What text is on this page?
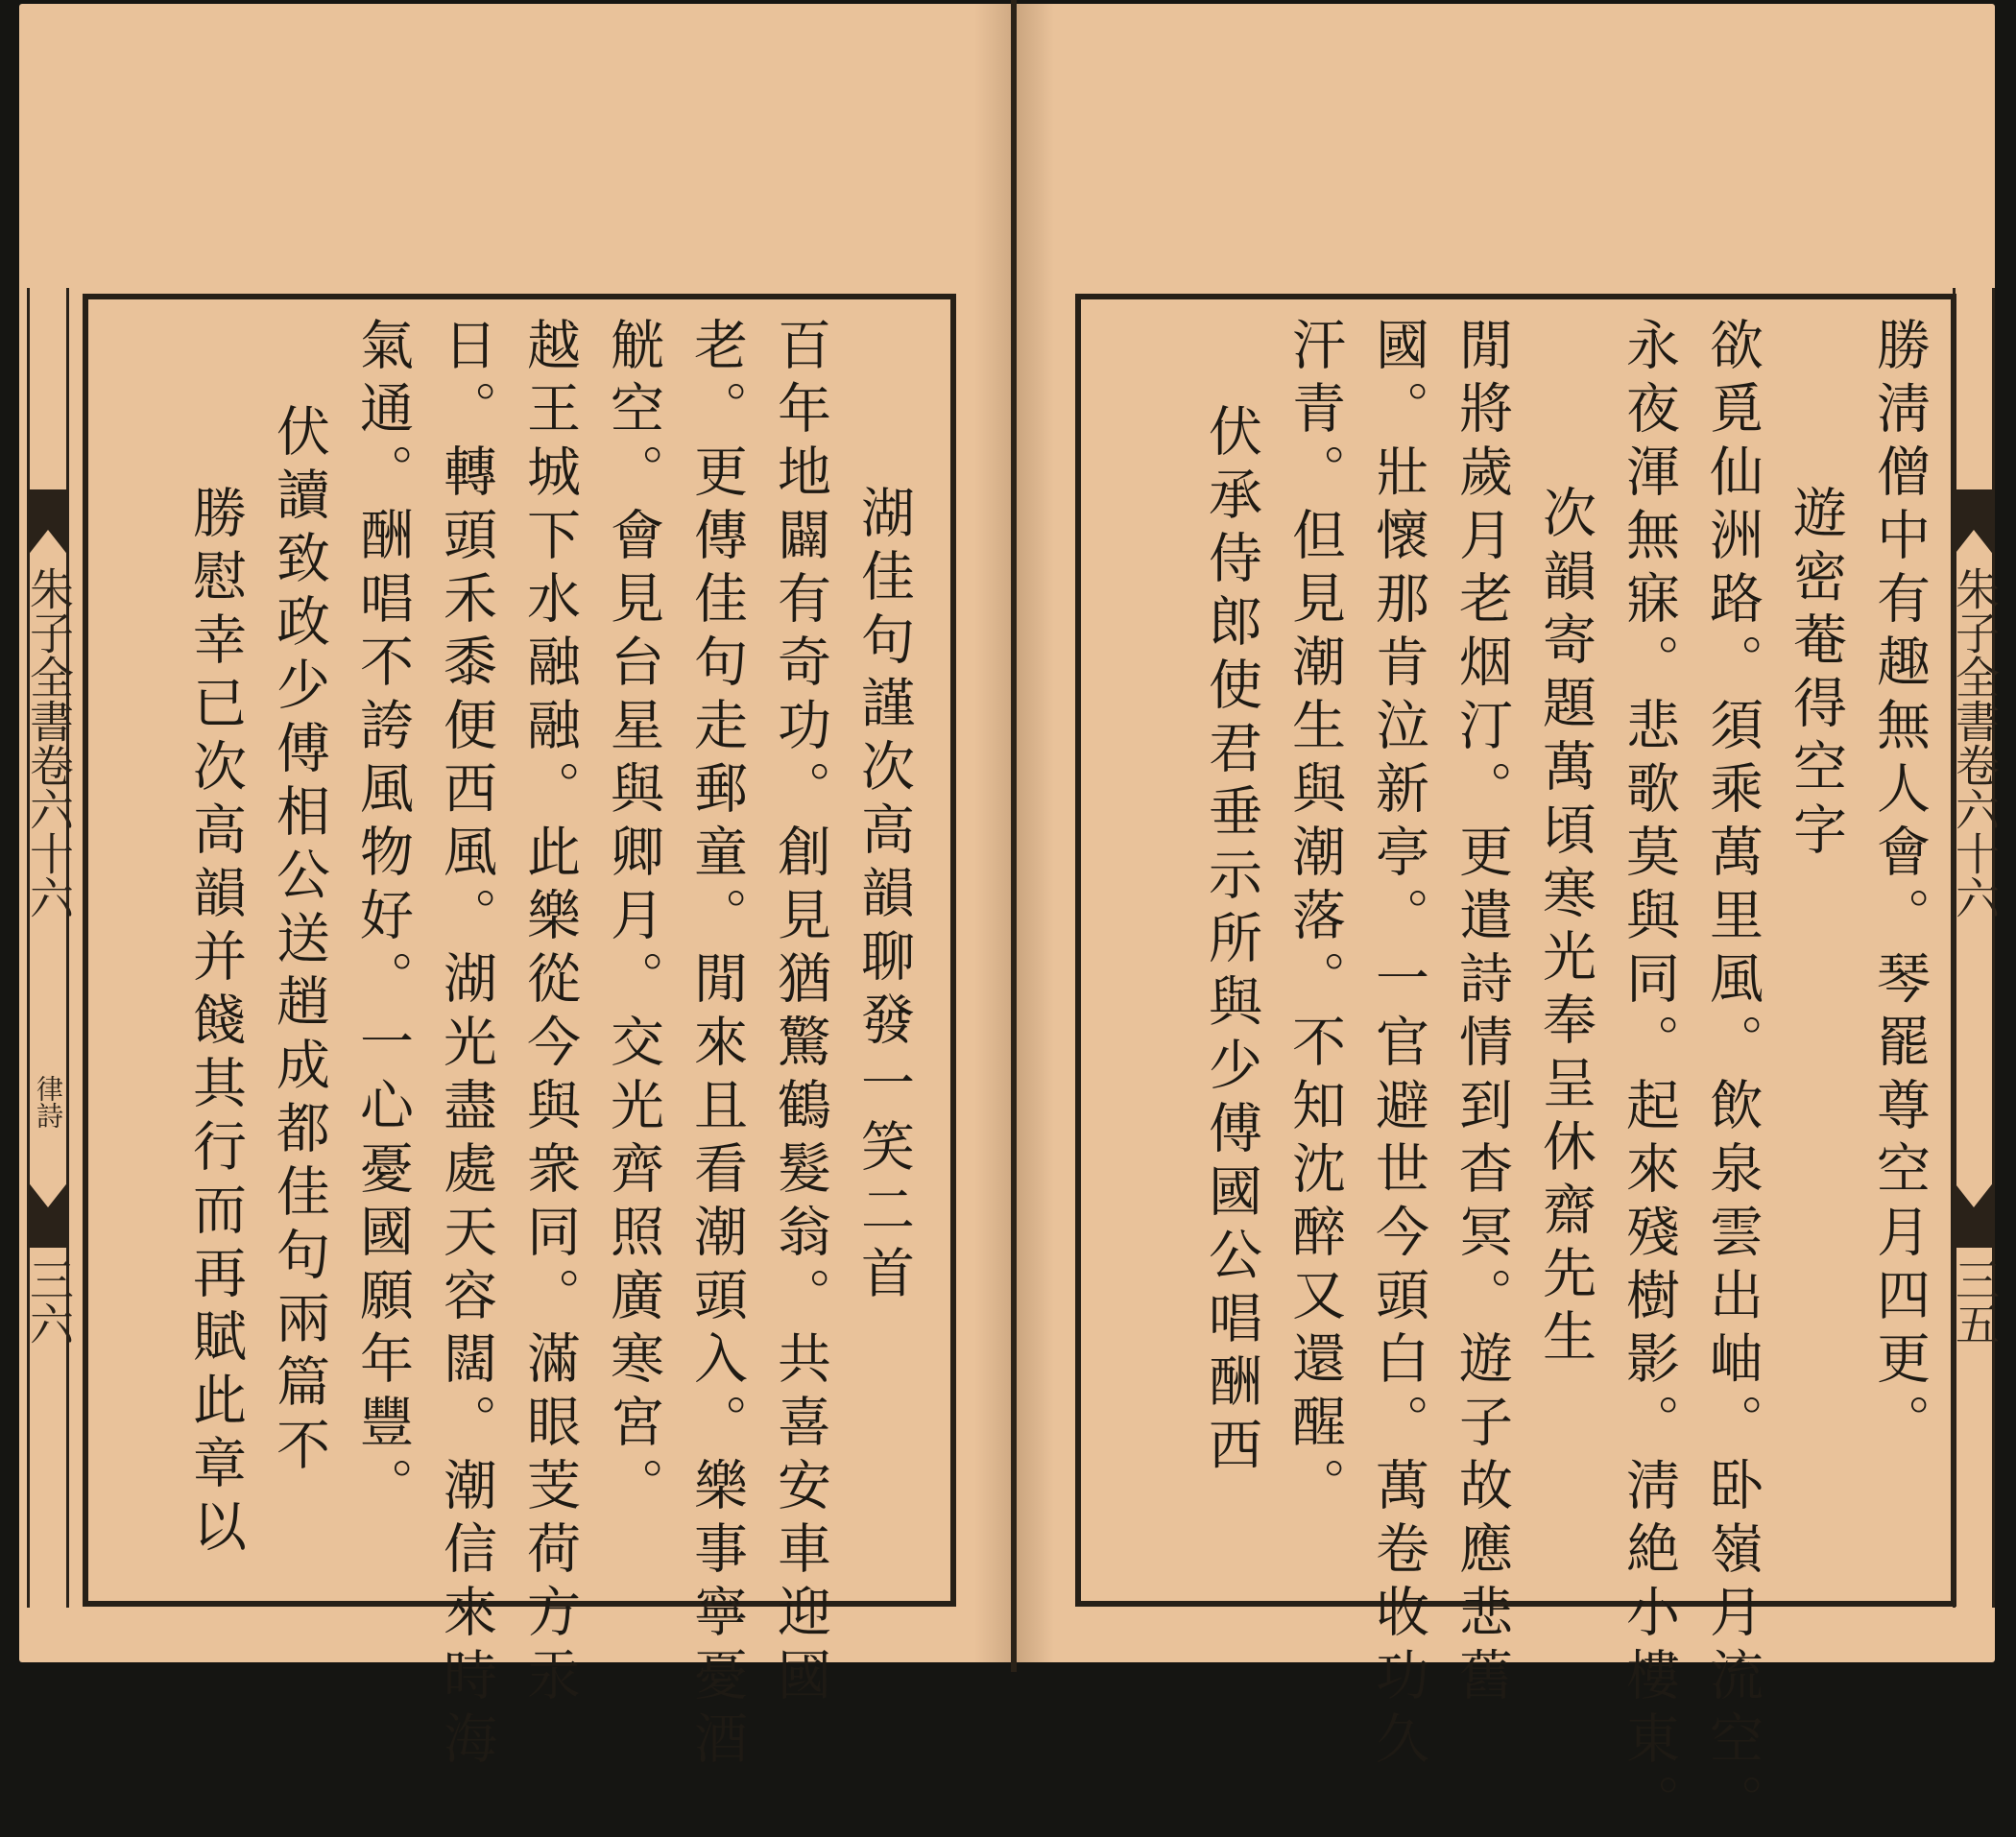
朱子全書卷六十六
律詩
三六	湖佳句謹次高韻聊發一笑二首
百年地闢有奇功。創見猶驚鶴髮翁。共喜安車迎國
老。更傳佳句走郵童。閒來且看潮頭入。樂事寧憂酒
觥空。會見台星與卿月。交光齊照廣寒宮。
越王城下水融融。此樂從今與衆同。滿眼芰荷方汞
日。轉頭禾黍便西風。湖光盡處天容闊。潮信來時海
氣通。酬唱不誇風物好。一心憂國願年豐。
伏讀致政少傅相公送趙成都佳句兩篇不
勝慰幸已次高韻并餞其行而再賦此章以	勝淸僧中有趣無人會。琴罷尊空月四更。
遊密菴得空字
欲覓仙洲路。須乘萬里風。飲泉雲出岫。卧嶺月流空。
永夜渾無寐。悲歌莫與同。起來殘樹影。淸絶小樓東。
次韻寄題萬頃寒光奉呈休齋先生
閒將歲月老烟汀。更遣詩情到杳冥。遊子故應悲舊
國。壯懷那肯泣新亭。一官避世今頭白。萬卷收功久
汗青。但見潮生與潮落。不知沈醉又還醒。
伏承侍郎使君垂示所與少傅國公唱酬西	朱子全書卷六十六
三五
